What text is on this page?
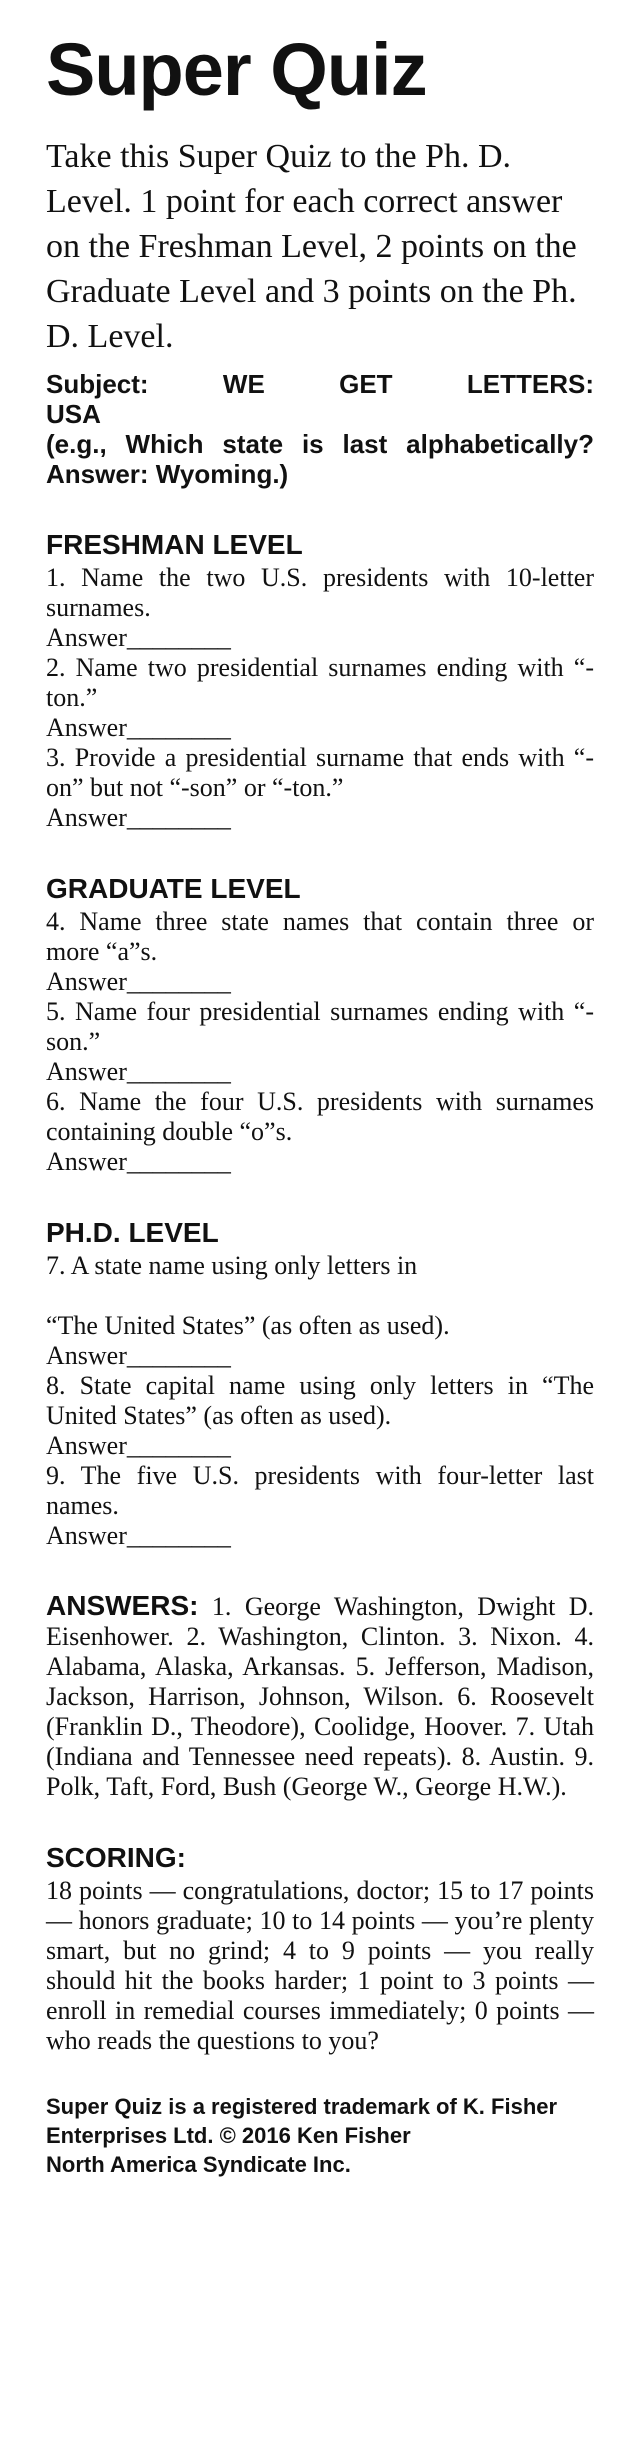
Super Quiz

Take this Super Quiz to the Ph. D. Level. 1 point for each correct answer on the Freshman Level, 2 points on the Graduate Level and 3 points on the Ph. D. Level.

Subject: WE GET LETTERS:
USA

(e.g., Which state is last alphabetically? Answer: Wyoming.)

FRESHMAN LEVEL

1. Name the two U.S. presidents with 10-letter surnames.

Answer________

2. Name two presidential surnames ending with “-ton.”

Answer________

3. Provide a presidential surname that ends with “-on” but not “-son” or “-ton.”

Answer________
GRADUATE LEVEL

4. Name three state names that contain three or more “a”s.

Answer________

5. Name four presidential surnames ending with “-son.”

Answer________

6. Name the four U.S. presidents with surnames containing double “o”s.

Answer________
PH.D. LEVEL

7. A state name using only letters in

“The United States” (as often as used).

Answer________

8. State capital name using only letters in “The United States” (as often as used).

Answer________

9. The five U.S. presidents with four-letter last names.

Answer________
ANSWERS: 1. George Washington, Dwight D. Eisenhower. 2. Washington, Clinton. 3. Nixon. 4. Alabama, Alaska, Arkansas. 5. Jefferson, Madison, Jackson, Harrison, Johnson, Wilson. 6. Roosevelt (Franklin D., Theodore), Coolidge, Hoover. 7. Utah (Indiana and Tennessee need repeats). 8. Austin. 9. Polk, Taft, Ford, Bush (George W., George H.W.).
SCORING:

18 points — congratulations, doctor; 15 to 17 points — honors graduate; 10 to 14 points — you’re plenty smart, but no grind; 4 to 9 points — you really should hit the books harder; 1 point to 3 points — enroll in remedial courses immediately; 0 points — who reads the questions to you?

Super Quiz is a registered trademark of K. Fisher Enterprises Ltd. © 2016 Ken Fisher

North America Syndicate Inc.
